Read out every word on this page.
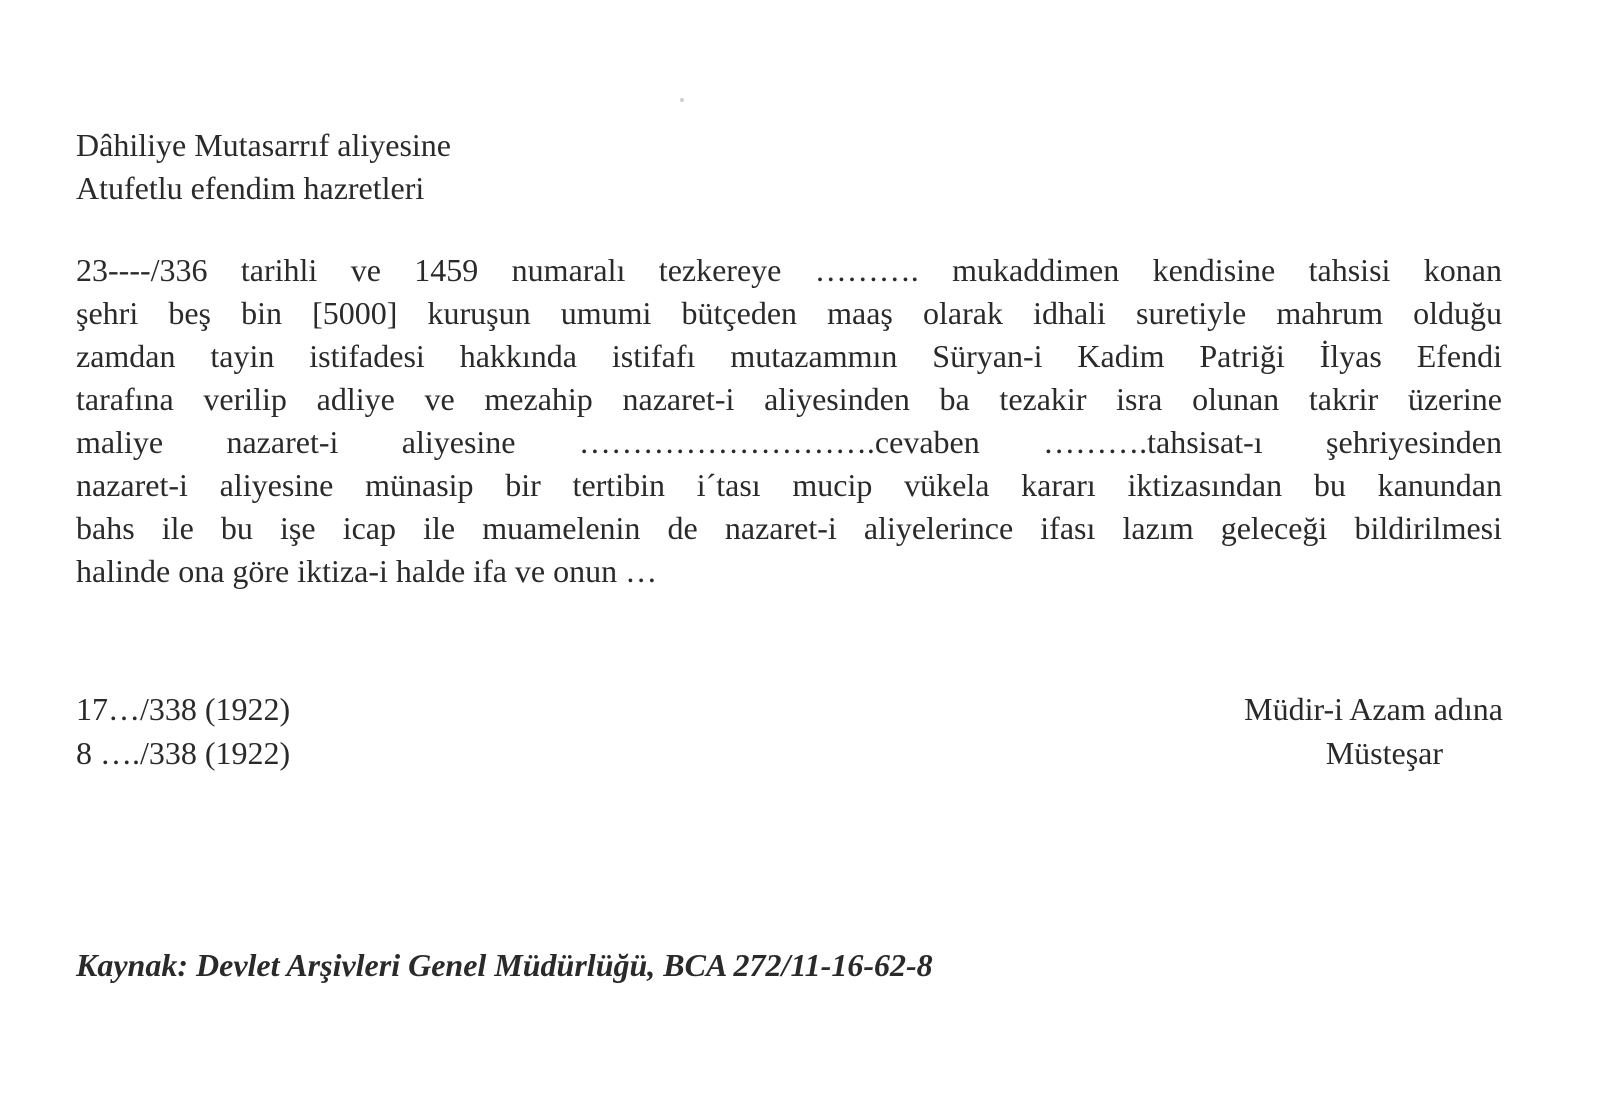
Dâhiliye Mutasarrıf aliyesine
Atufetlu efendim hazretleri
23----/336 tarihli ve 1459 numaralı tezkereye ………. mukaddimen kendisine tahsisi konan
şehri beş bin [5000] kuruşun umumi bütçeden maaş olarak idhali suretiyle mahrum olduğu
zamdan tayin istifadesi hakkında istifafı mutazammın Süryan-i Kadim Patriği İlyas Efendi
tarafına verilip adliye ve mezahip nazaret-i aliyesinden ba tezakir isra olunan takrir üzerine
maliye nazaret-i aliyesine ……………………….cevaben ……….tahsisat-ı şehriyesinden
nazaret-i aliyesine münasip bir tertibin i´tası mucip vükela kararı iktizasından bu kanundan
bahs ile bu işe icap ile muamelenin de nazaret-i aliyelerince ifası lazım geleceği bildirilmesi
halinde ona göre iktiza-i halde ifa ve onun …
17…/338 (1922)
8 …./338 (1922)
Müdir-i Azam adına
Müsteşar
Kaynak: Devlet Arşivleri Genel Müdürlüğü, BCA 272/11-16-62-8
